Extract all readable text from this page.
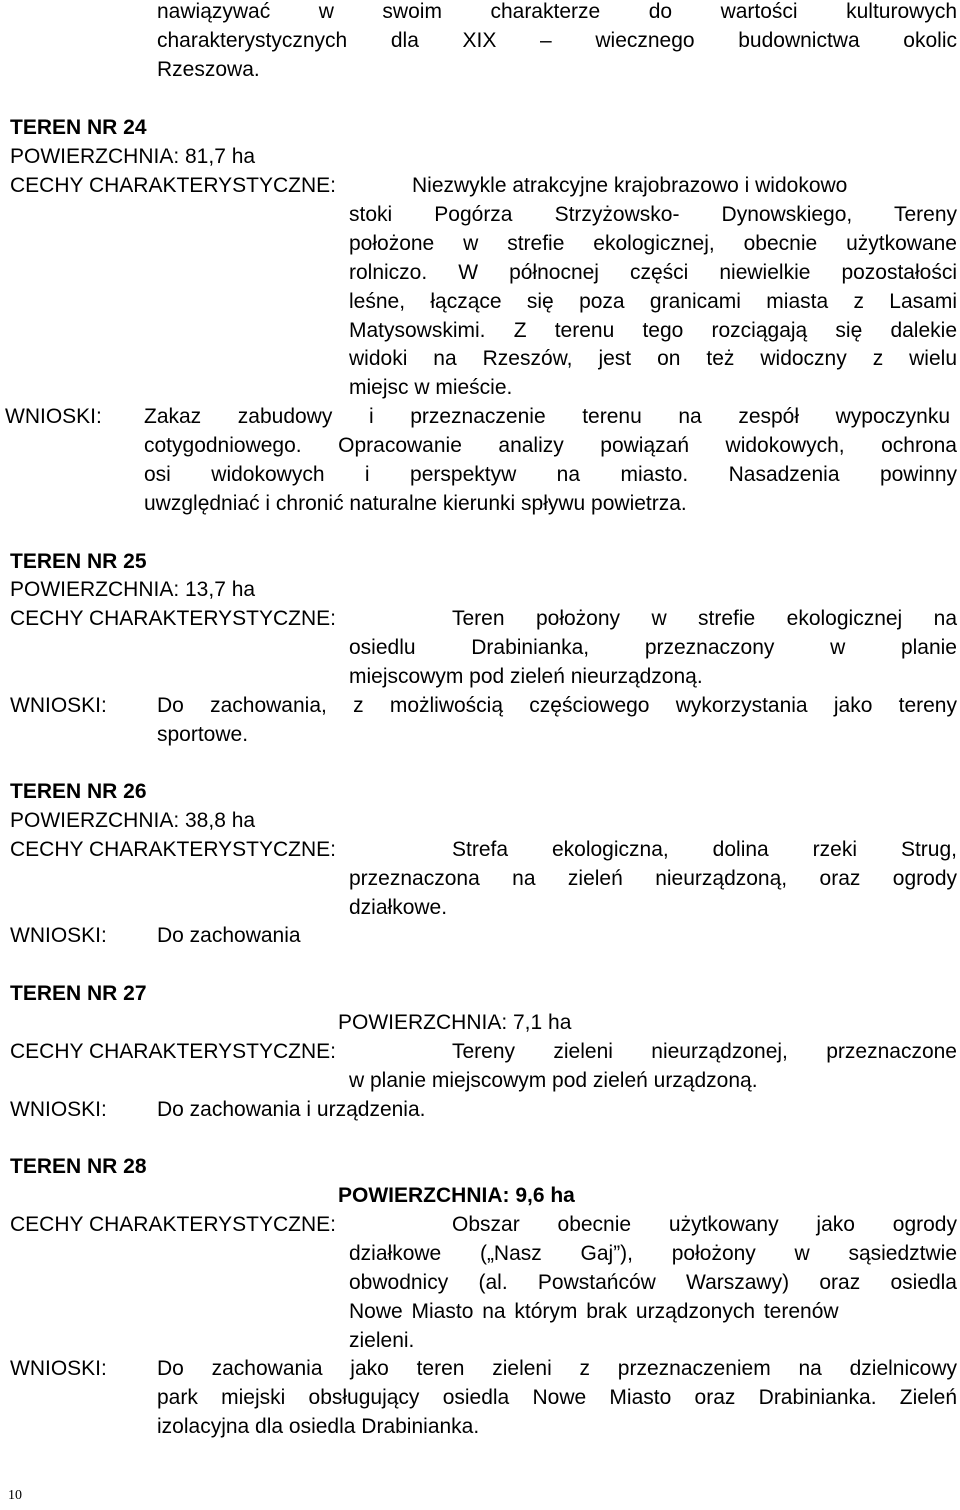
nawiązywać w swoim charakterze do wartości kulturowych
charakterystycznych dla XIX – wiecznego budownictwa okolic
Rzeszowa.
TEREN NR 24
POWIERZCHNIA: 81,7 ha
CECHY CHARAKTERYSTYCZNE:	Niezwykle atrakcyjne krajobrazowo i widokowo
stoki Pogórza Strzyżowsko- Dynowskiego, Tereny
położone w strefie ekologicznej, obecnie użytkowane
rolniczo. W północnej części niewielkie pozostałości
leśne, łączące się poza granicami miasta z Lasami
Matysowskimi. Z terenu tego rozciągają się dalekie
widoki na Rzeszów, jest on też widoczny z wielu
miejsc w mieście.
WNIOSKI: Zakaz zabudowy i przeznaczenie terenu na zespół wypoczynku
cotygodniowego. Opracowanie analizy powiązań widokowych, ochrona
osi widokowych i perspektyw na miasto. Nasadzenia powinny
uwzględniać i chronić naturalne kierunki spływu powietrza.
TEREN NR 25
POWIERZCHNIA: 13,7 ha
CECHY CHARAKTERYSTYCZNE:	Teren położony w strefie ekologicznej na
osiedlu Drabinianka, przeznaczony w planie
miejscowym pod zieleń nieurządzoną.
WNIOSKI: Do zachowania, z możliwością częściowego wykorzystania jako tereny
sportowe.
TEREN NR 26
POWIERZCHNIA: 38,8 ha
CECHY CHARAKTERYSTYCZNE:	Strefa ekologiczna, dolina rzeki Strug,
przeznaczona na zieleń nieurządzoną, oraz ogrody
działkowe.
WNIOSKI: Do zachowania
TEREN NR 27
POWIERZCHNIA: 7,1 ha
CECHY CHARAKTERYSTYCZNE:	Tereny zieleni nieurządzonej, przeznaczone
w planie miejscowym pod zieleń urządzoną.
WNIOSKI: Do zachowania i urządzenia.
TEREN NR 28
POWIERZCHNIA: 9,6 ha
CECHY CHARAKTERYSTYCZNE:	Obszar obecnie użytkowany jako ogrody
działkowe („Nasz Gaj”), położony w sąsiedztwie
obwodnicy (al. Powstańców Warszawy) oraz osiedla
Nowe Miasto na którym brak urządzonych terenów
zieleni.
WNIOSKI: Do zachowania jako teren zieleni z przeznaczeniem na dzielnicowy
park miejski obsługujący osiedla Nowe Miasto oraz Drabinianka. Zieleń
izolacyjna dla osiedla Drabinianka.
10
